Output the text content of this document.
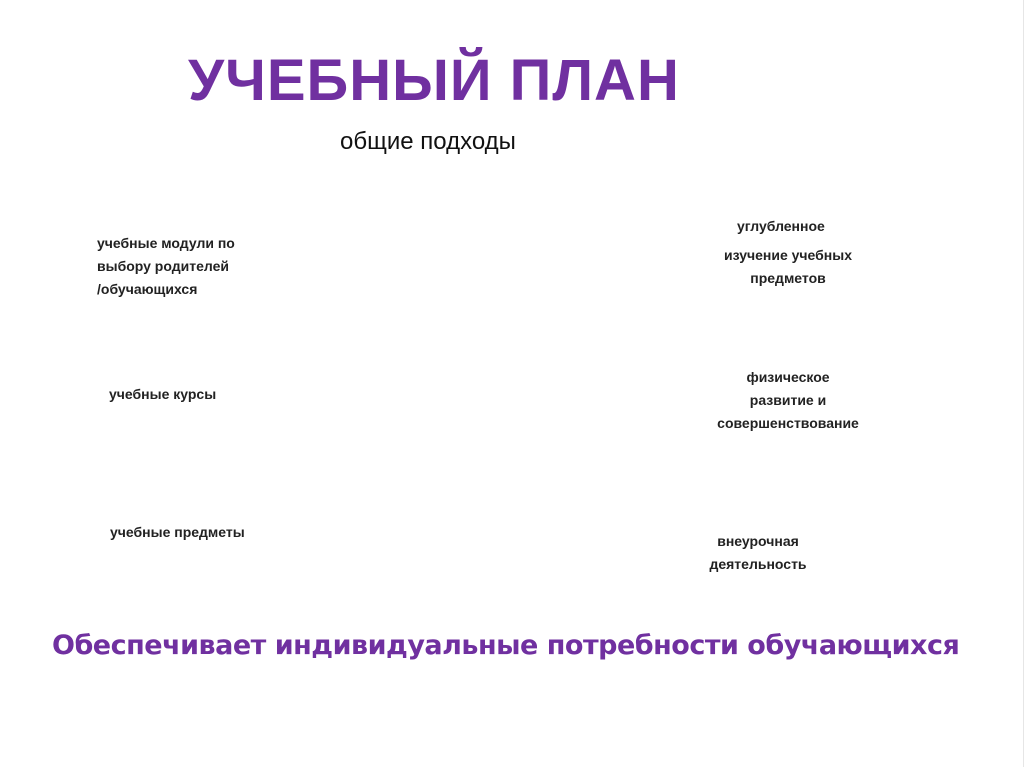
УЧЕБНЫЙ ПЛАН
общие подходы
учебные модули по
выбору родителей
/обучающихся
учебные курсы
учебные предметы
углубленное
изучение учебных
предметов
физическое
развитие и
совершенствование
внеурочная
деятельность
Обеспечивает индивидуальные потребности обучающихся
